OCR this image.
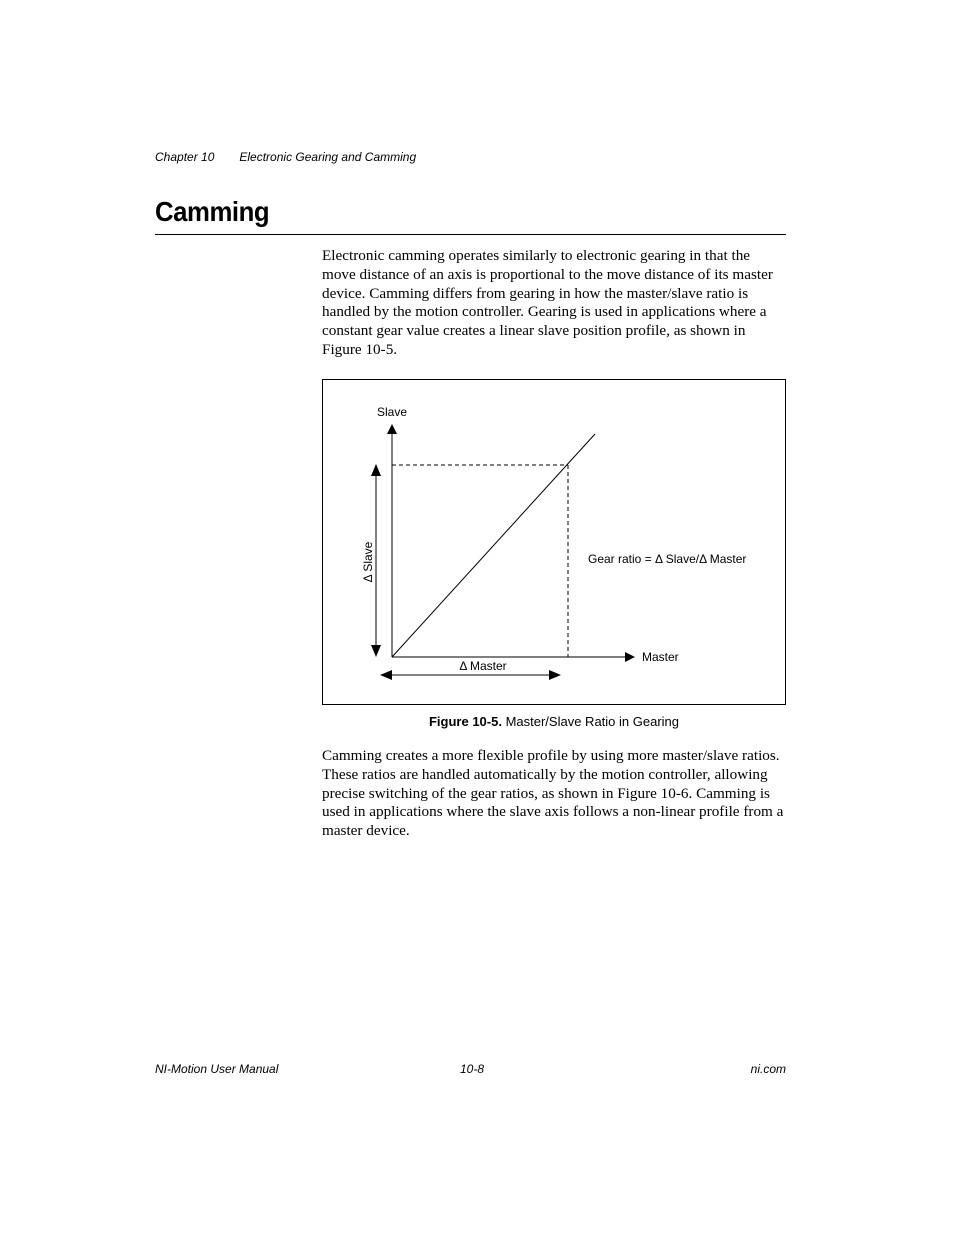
Chapter 10 Electronic Gearing and Camming
Camming

Electronic camming operates similarly to electronic gearing in that the move distance of an axis is proportional to the move distance of its master device. Camming differs from gearing in how the master/slave ratio is handled by the motion controller. Gearing is used in applications where a constant gear value creates a linear slave position profile, as shown in Figure 10-5.

Slave
Master
Δ Slave
Δ Master
Gear ratio = Δ Slave/Δ Master
Figure 10-5. Master/Slave Ratio in Gearing

Camming creates a more flexible profile by using more master/slave ratios. These ratios are handled automatically by the motion controller, allowing precise switching of the gear ratios, as shown in Figure 10-6. Camming is used in applications where the slave axis follows a non-linear profile from a master device.

NI-Motion User Manual	10-8	ni.com
